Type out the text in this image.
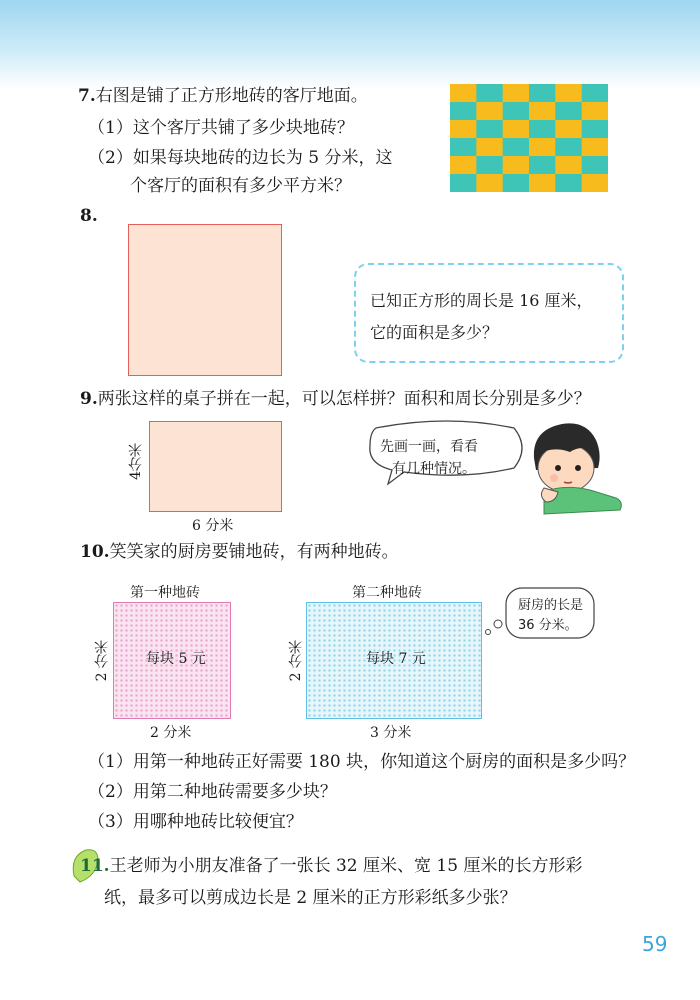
7.右图是铺了正方形地砖的客厅地面。
（1）这个客厅共铺了多少块地砖？
（2）如果每块地砖的边长为 5 分米，这
个客厅的面积有多少平方米？
8.
已知正方形的周长是 16 厘米，
它的面积是多少？
9.两张这样的桌子拼在一起，可以怎样拼？面积和周长分别是多少？
4分米
6 分米
先画一画，看看
有几种情况。
10.笑笑家的厨房要铺地砖，有两种地砖。
第一种地砖
每块 5 元
2 分米
2 分米
第二种地砖
每块 7 元
2 分米
3 分米
厨房的长是
36 分米。
（1）用第一种地砖正好需要 180 块，你知道这个厨房的面积是多少吗？
（2）用第二种地砖需要多少块？
（3）用哪种地砖比较便宜？
11.王老师为小朋友准备了一张长 32 厘米、宽 15 厘米的长方形彩
纸，最多可以剪成边长是 2 厘米的正方形彩纸多少张？
59
